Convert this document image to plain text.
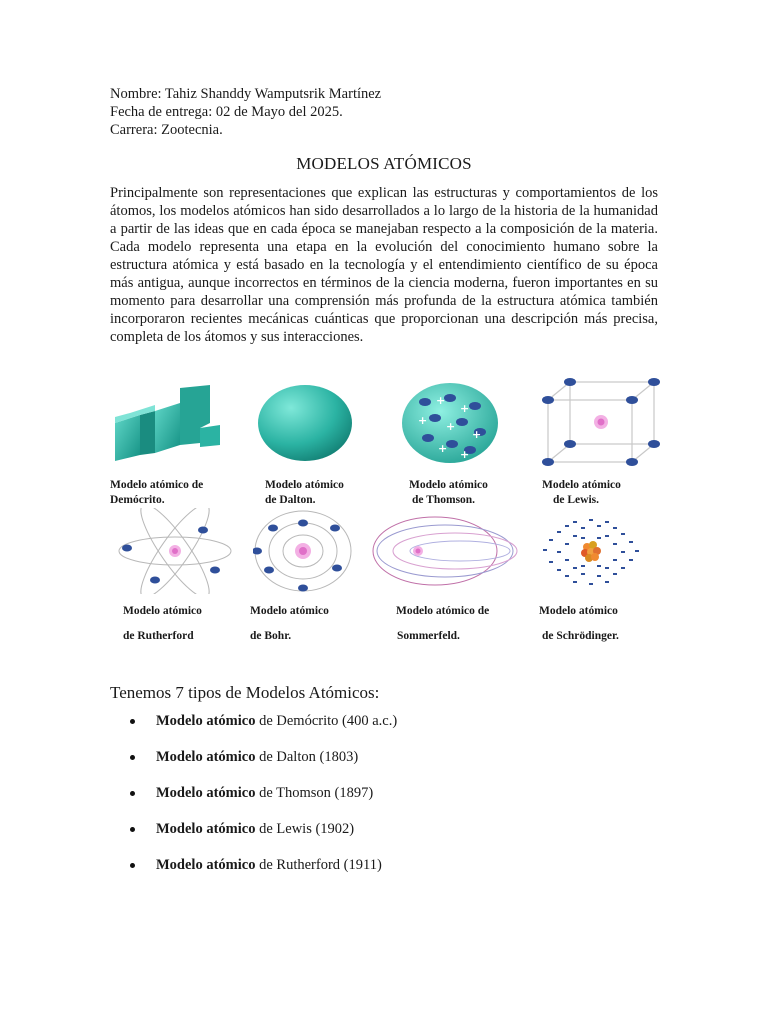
Nombre: Tahiz Shanddy Wamputsrik Martínez
Fecha de entrega: 02 de Mayo del 2025.
Carrera: Zootecnia.
MODELOS ATÓMICOS
Principalmente son representaciones que explican las estructuras y comportamientos de los átomos, los modelos atómicos han sido desarrollados a lo largo de la historia de la humanidad a partir de las ideas que en cada época se manejaban respecto a la composición de la materia. Cada modelo representa una etapa en la evolución del conocimiento humano sobre la estructura atómica y está basado en la tecnología y el entendimiento científico de su época más antigua, aunque incorrectos en términos de la ciencia moderna, fueron importantes en su momento para desarrollar una comprensión más profunda de la estructura atómica también incorporaron recientes mecánicas cuánticas que proporcionan una descripción más precisa, completa de los átomos y sus interacciones.
+
+
+ +
+
+ +
Modelo atómico de
Demócrito.
Modelo atómico
de Dalton.
Modelo atómico
de Thomson.
Modelo atómico
de Lewis.
Modelo atómico
de Rutherford
Modelo atómico
de Bohr.
Modelo atómico de
Sommerfeld.
Modelo atómico
de Schrödinger.
Tenemos 7 tipos de Modelos Atómicos:
Modelo atómico de Demócrito (400 a.c.)
Modelo atómico de Dalton (1803)
Modelo atómico de Thomson (1897)
Modelo atómico de Lewis (1902)
Modelo atómico de Rutherford (1911)
